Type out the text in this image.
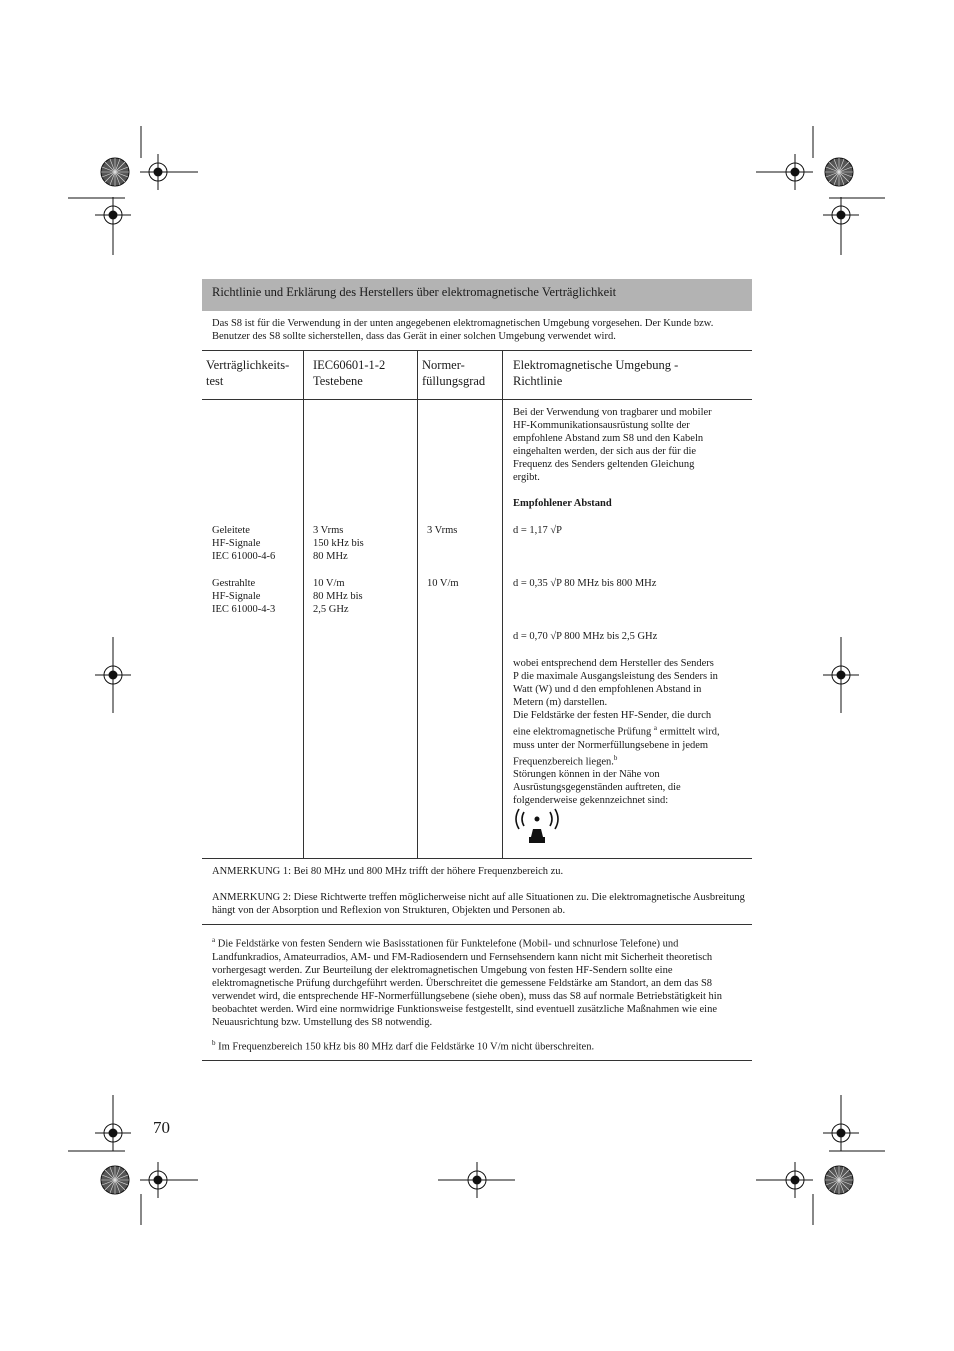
Richtlinie und Erklärung des Herstellers über elektromagnetische Verträglichkeit
Das S8 ist für die Verwendung in der unten angegebenen elektromagnetischen Umgebung vorgesehen. Der Kunde bzw. Benutzer des S8 sollte sicherstellen, dass das Gerät in einer solchen Umgebung verwendet wird.
Verträglichkeits-
test
IEC60601-1-2
Testebene
Normer-
füllungsgrad
Elektromagnetische Umgebung -
Richtlinie
Bei der Verwendung von tragbarer und mobiler
HF-Kommunikationsausrüstung sollte der
empfohlene Abstand zum S8 und den Kabeln
eingehalten werden, der sich aus der für die
Frequenz des Senders geltenden Gleichung
ergibt.
Empfohlener Abstand
Geleitete
HF-Signale
IEC 61000-4-6
3 Vrms
150 kHz bis
80 MHz
3 Vrms	d = 1,17 √P
Gestrahlte
HF-Signale
IEC 61000-4-3
10 V/m
80 MHz bis
2,5 GHz
10 V/m	d = 0,35 √P 80 MHz bis 800 MHz
d = 0,70 √P 800 MHz bis 2,5 GHz
wobei entsprechend dem Hersteller des Senders
P die maximale Ausgangsleistung des Senders in
Watt (W) und d den empfohlenen Abstand in
Metern (m) darstellen.
Die Feldstärke der festen HF-Sender, die durch
eine elektromagnetische Prüfung $^a$ ermittelt wird,
muss unter der Normerfüllungsebene in jedem
Frequenzbereich liegen.$^b$
Störungen können in der Nähe von
Ausrüstungsgegenständen auftreten, die
folgenderweise gekennzeichnet sind:
ANMERKUNG 1: Bei 80 MHz und 800 MHz trifft der höhere Frequenzbereich zu.
ANMERKUNG 2: Diese Richtwerte treffen möglicherweise nicht auf alle Situationen zu. Die elektromagnetische Ausbreitung hängt von der Absorption und Reflexion von Strukturen, Objekten und Personen ab.
$^a$ Die Feldstärke von festen Sendern wie Basisstationen für Funktelefone (Mobil- und schnurlose Telefone) und Landfunkradios, Amateurradios, AM- und FM-Radiosendern und Fernsehsendern kann nicht mit Sicherheit theoretisch vorhergesagt werden. Zur Beurteilung der elektromagnetischen Umgebung von festen HF-Sendern sollte eine elektromagnetische Prüfung durchgeführt werden. Überschreitet die gemessene Feldstärke am Standort, an dem das S8 verwendet wird, die entsprechende HF-Normerfüllungsebene (siehe oben), muss das S8 auf normale Betriebstätigkeit hin beobachtet werden. Wird eine normwidrige Funktionsweise festgestellt, sind eventuell zusätzliche Maßnahmen wie eine Neuausrichtung bzw. Umstellung des S8 notwendig.
$^b$ Im Frequenzbereich 150 kHz bis 80 MHz darf die Feldstärke 10 V/m nicht überschreiten.
70
